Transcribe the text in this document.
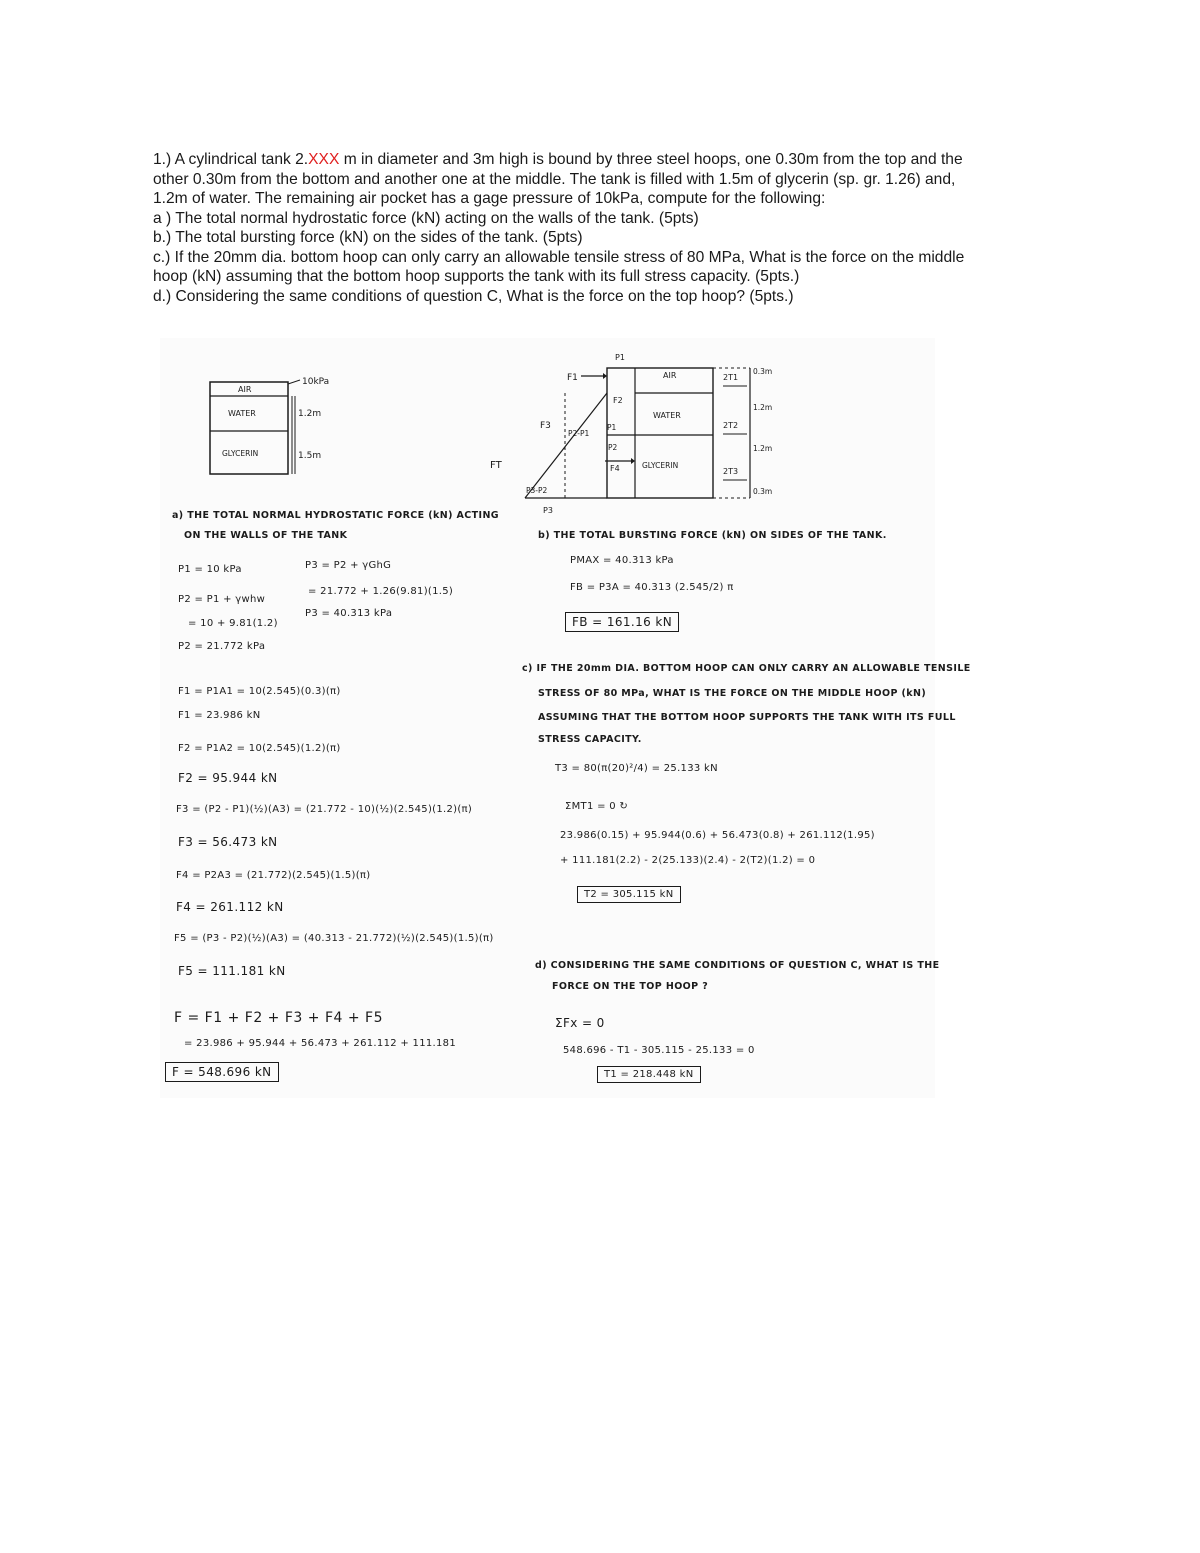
1.) A cylindrical tank 2.XXX m in diameter and 3m high is bound by three steel hoops, one 0.30m from the top and the

other 0.30m from the bottom and another one at the middle. The tank is filled with 1.5m of glycerin (sp. gr. 1.26) and,

1.2m of water. The remaining air pocket has a gage pressure of 10kPa, compute for the following:

a ) The total normal hydrostatic force (kN) acting on the walls of the tank. (5pts)

b.) The total bursting force (kN) on the sides of the tank. (5pts)

c.) If the 20mm dia. bottom hoop can only carry an allowable tensile stress of 80 MPa, What is the force on the middle

hoop (kN) assuming that the bottom hoop supports the tank with its full stress capacity. (5pts.)

d.) Considering the same conditions of question C, What is the force on the top hoop? (5pts.)

AIR
WATER
GLYCERIN
10kPa
1.2m
1.5m
AIR
WATER
GLYCERIN
P1
F1
F2
F3
P2-P1
P1
P2
F4
FT
P3-P2
P3
2T1
2T2
2T3
0.3m
1.2m
1.2m
0.3m
a) THE TOTAL NORMAL HYDROSTATIC FORCE (kN) ACTING
ON THE WALLS OF THE TANK
P1 = 10 kPa
P2 = P1 + γwhw
= 10 + 9.81(1.2)
P2 = 21.772 kPa
P3 = P2 + γGhG
= 21.772 + 1.26(9.81)(1.5)
P3 = 40.313 kPa
F1 = P1A1 = 10(2.545)(0.3)(π)
F1 = 23.986 kN
F2 = P1A2 = 10(2.545)(1.2)(π)
F2 = 95.944 kN
F3 = (P2 - P1)(½)(A3) = (21.772 - 10)(½)(2.545)(1.2)(π)
F3 = 56.473 kN
F4 = P2A3 = (21.772)(2.545)(1.5)(π)
F4 = 261.112 kN
F5 = (P3 - P2)(½)(A3) = (40.313 - 21.772)(½)(2.545)(1.5)(π)
F5 = 111.181 kN
F = F1 + F2 + F3 + F4 + F5
= 23.986 + 95.944 + 56.473 + 261.112 + 111.181
F = 548.696 kN
b) THE TOTAL BURSTING FORCE (kN) ON SIDES OF THE TANK.
PMAX = 40.313 kPa
FB = P3A = 40.313 (2.545/2) π
FB = 161.16 kN
c) IF THE 20mm DIA. BOTTOM HOOP CAN ONLY CARRY AN ALLOWABLE TENSILE
STRESS OF 80 MPa, WHAT IS THE FORCE ON THE MIDDLE HOOP (kN)
ASSUMING THAT THE BOTTOM HOOP SUPPORTS THE TANK WITH ITS FULL
STRESS CAPACITY.
T3 = 80(π(20)²/4) = 25.133 kN
ΣMT1 = 0 ↻
23.986(0.15) + 95.944(0.6) + 56.473(0.8) + 261.112(1.95)
+ 111.181(2.2) - 2(25.133)(2.4) - 2(T2)(1.2) = 0
T2 = 305.115 kN
d) CONSIDERING THE SAME CONDITIONS OF QUESTION C, WHAT IS THE
FORCE ON THE TOP HOOP ?
ΣFx = 0
548.696 - T1 - 305.115 - 25.133 = 0
T1 = 218.448 kN
